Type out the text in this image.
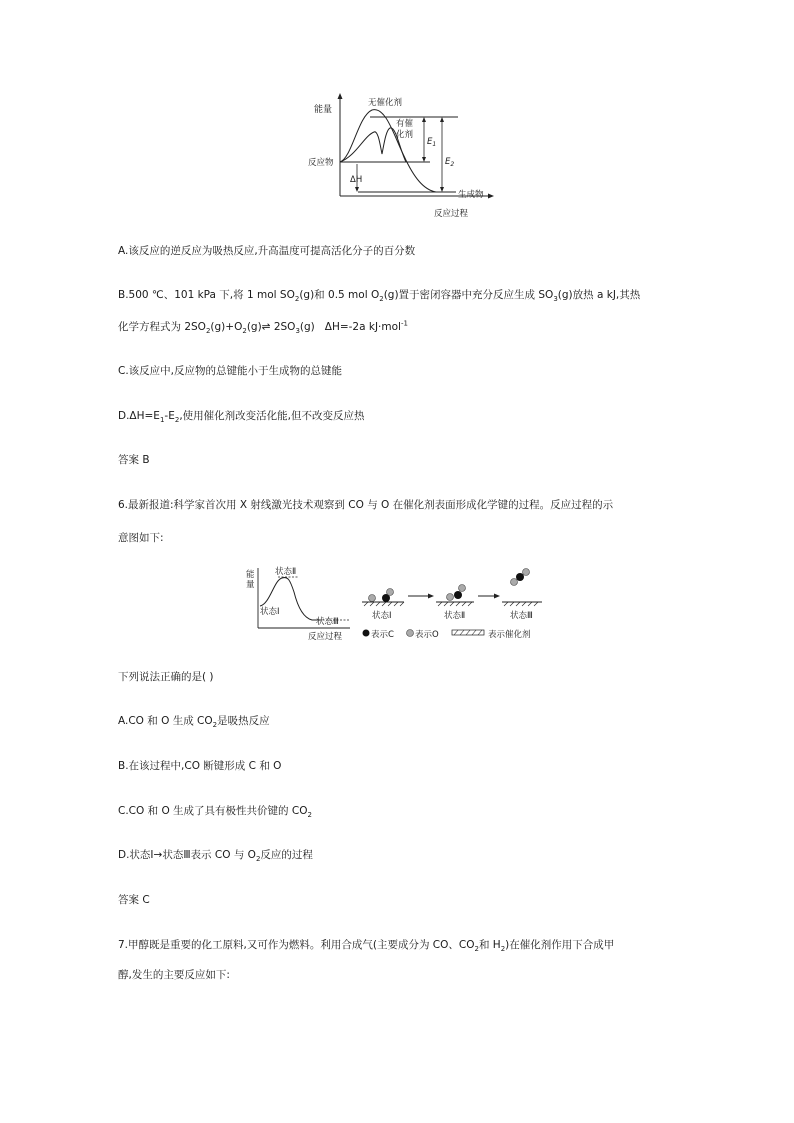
能量
无催化剂
有催
化剂
反应物
生成物
反应过程
ΔH
$E_1$
$E_2$
A.该反应的逆反应为吸热反应,升高温度可提高活化分子的百分数
B.500 ℃、101 kPa 下,将 1 mol $SO_2(g)$和 0.5 mol $O_2(g)$置于密闭容器中充分反应生成 $SO_3(g)$放热 a kJ,其热
化学方程式为 $2SO_2(g)+O_2(g)\rightleftharpoons$ $2SO_3(g)$ ΔH=-2a kJ·mol$^{-1}$
C.该反应中,反应物的总键能小于生成物的总键能
$D.\Delta H=E_1-E_2$,使用催化剂改变活化能,但不改变反应热
答案 B
6.最新报道:科学家首次用 X 射线激光技术观察到 CO 与 O 在催化剂表面形成化学键的过程。反应过程的示
意图如下:
能
量
状态Ⅱ
状态Ⅰ
状态Ⅲ
反应过程
状态Ⅰ	状态Ⅱ	状态Ⅲ
表示C 表示O	表示催化剂
下列说法正确的是( )
A.CO 和 O 生成 $CO_2$是吸热反应
B.在该过程中,CO 断键形成 C 和 O
C.CO 和 O 生成了具有极性共价键的 $CO_2$
D.状态Ⅰ→状态Ⅲ表示 CO 与 $O_2$反应的过程
答案 C
7.甲醇既是重要的化工原料,又可作为燃料。利用合成气(主要成分为 CO、$CO_2$和 $H_2$)在催化剂作用下合成甲
醇,发生的主要反应如下:
